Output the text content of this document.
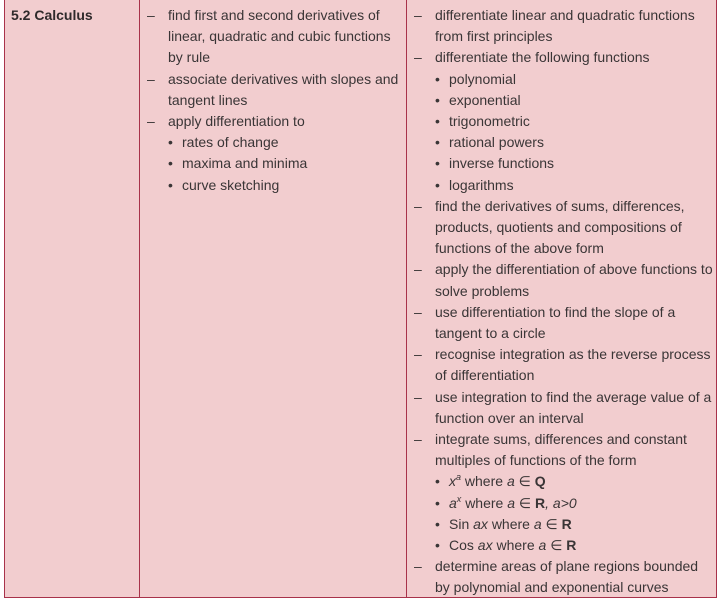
5.2 Calculus
–	find first and second derivatives of linear, quadratic and cubic functions by rule
– associate derivatives with slopes and tangent lines
– apply differentiation to
• rates of change
• maxima and minima
• curve sketching
– differentiate linear and quadratic functions from first principles
– differentiate the following functions
• polynomial
• exponential
• trigonometric
• rational powers
• inverse functions
• logarithms
– find the derivatives of sums, differences, products, quotients and compositions of functions of the above form
– apply the differentiation of above functions to solve problems
– use differentiation to find the slope of a tangent to a circle
– recognise integration as the reverse process of differentiation
– use integration to find the average value of a function over an interval
– integrate sums, differences and constant multiples of functions of the form
• $x^a$ where a ∈ Q
• $a^x$ where a ∈ R, a>0
• Sin ax where a ∈ R
• Cos ax where a ∈ R
– determine areas of plane regions bounded by polynomial and exponential curves
